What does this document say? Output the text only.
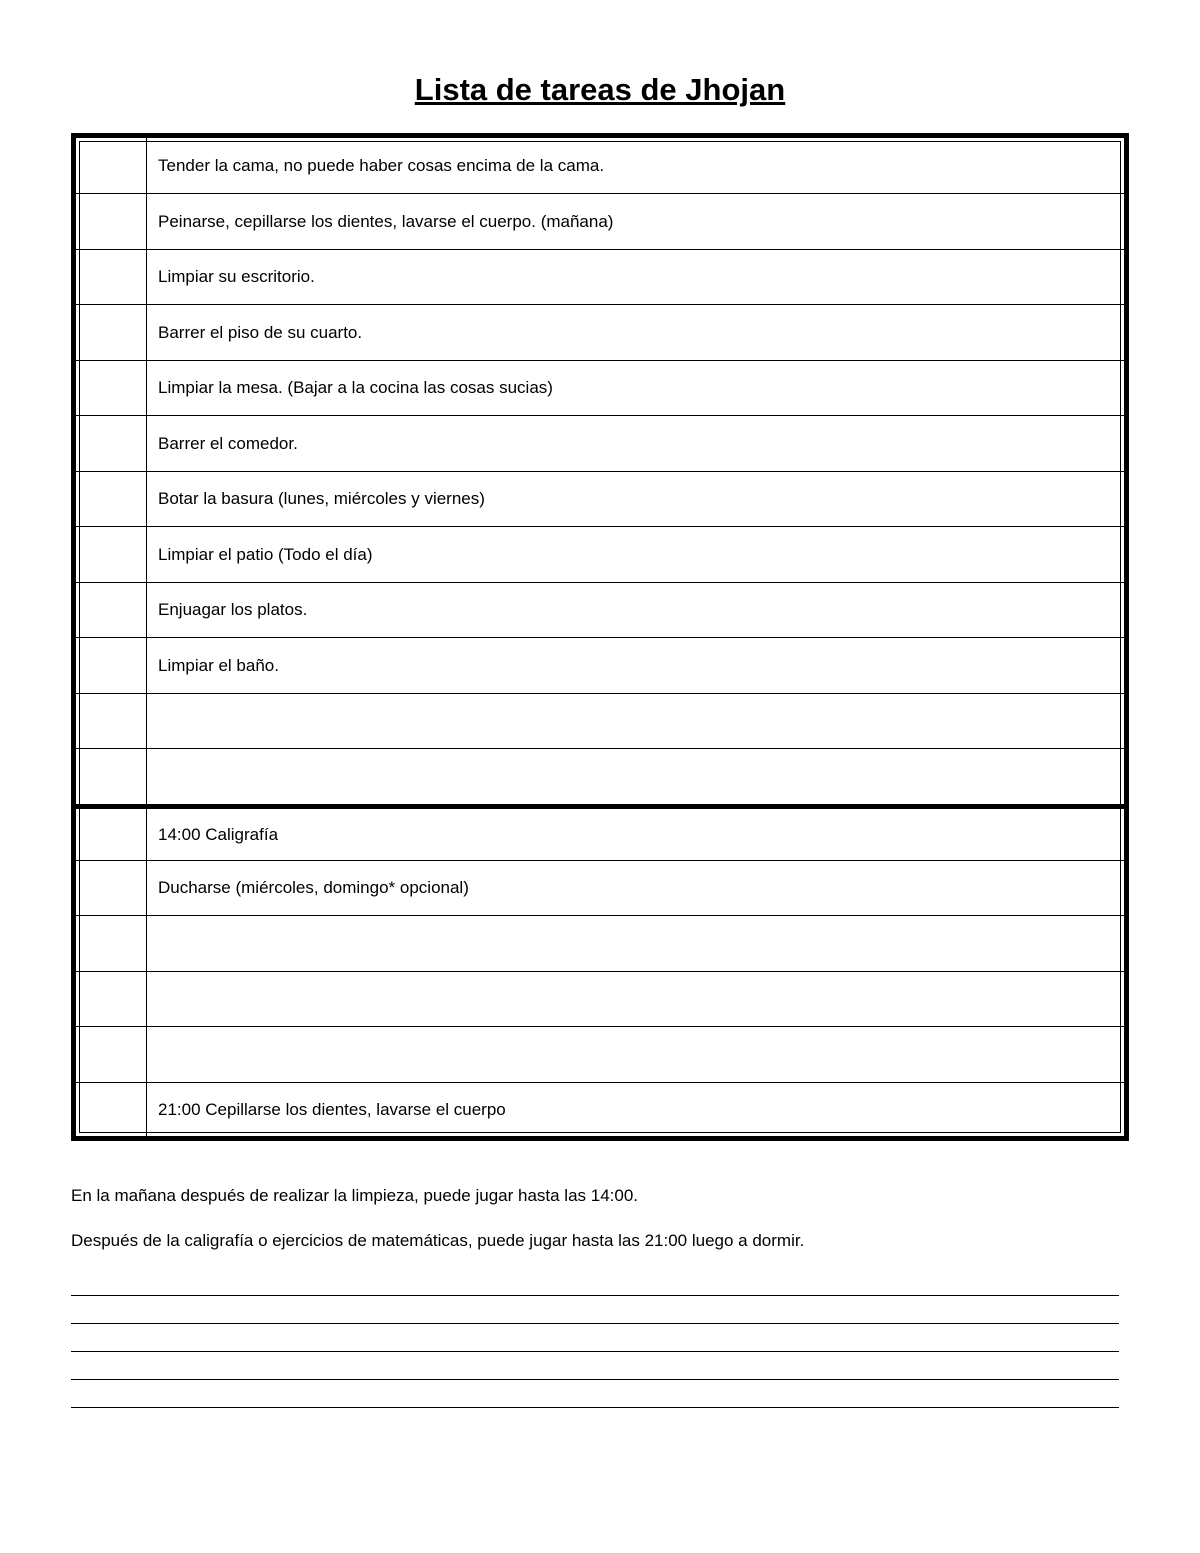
Lista de tareas de Jhojan
Tender la cama, no puede haber cosas encima de la cama.
Peinarse, cepillarse los dientes, lavarse el cuerpo. (mañana)
Limpiar su escritorio.
Barrer el piso de su cuarto.
Limpiar la mesa. (Bajar a la cocina las cosas sucias)
Barrer el comedor.
Botar la basura (lunes, miércoles y viernes)
Limpiar el patio (Todo el día)
Enjuagar los platos.
Limpiar el baño.
14:00 Caligrafía
Ducharse (miércoles, domingo* opcional)
21:00 Cepillarse los dientes, lavarse el cuerpo

En la mañana después de realizar la limpieza, puede jugar hasta las 14:00.

Después de la caligrafía o ejercicios de matemáticas, puede jugar hasta las 21:00 luego a dormir.
